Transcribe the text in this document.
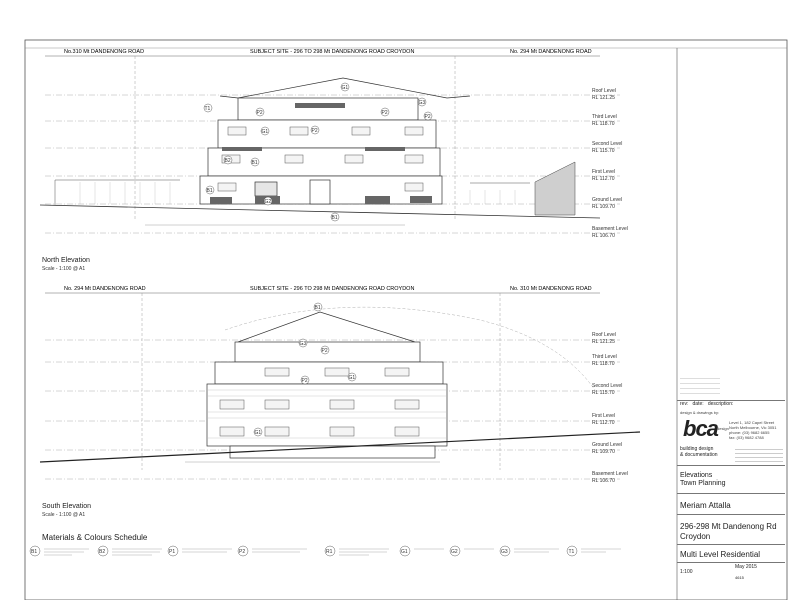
No.310 Mt DANDENONG ROAD	SUBJECT SITE - 296 TO 298 Mt DANDENONG ROAD CROYDON	No. 294 Mt DANDENONG ROAD
Roof Level
RL 121.25
Third Level
RL 118.70
Second Level
RL 115.70
First Level
RL 112.70
Ground Level
RL 109.70
Basement Level
RL 106.70
G1
P2	P2
G1	P2
B2	B1
B1
G2
B1
T1
P2
G3
North Elevation
Scale - 1:100 @ A1
No. 294 Mt DANDENONG ROAD	SUBJECT SITE - 296 TO 298 Mt DANDENONG ROAD CROYDON	No. 310 Mt DANDENONG ROAD
Roof Level
RL 121.25
Third Level
RL 118.70
Second Level
RL 115.70
First Level
RL 112.70
Ground Level
RL 109.70
Basement Level
RL 106.70
B1
G3
P2
G1
G1
P2
South Elevation
Scale - 1:100 @ A1
Materials & Colours Schedule
B1	B2	P1	P2	R1	G1	G2	G3	T1
rev: date: description:
design & drawings by:
Level 1, 182 Capel Street
North Melbourne, Vic 3051
phone: (03) 9682 6655
fax: (03) 9682 4788
bca design
building design
& documentation
Elevations
Town Planning
Meriam Attalla
296-298 Mt Dandenong Rd
Croydon
Multi Level Residential
1:100
May 2015
4615
